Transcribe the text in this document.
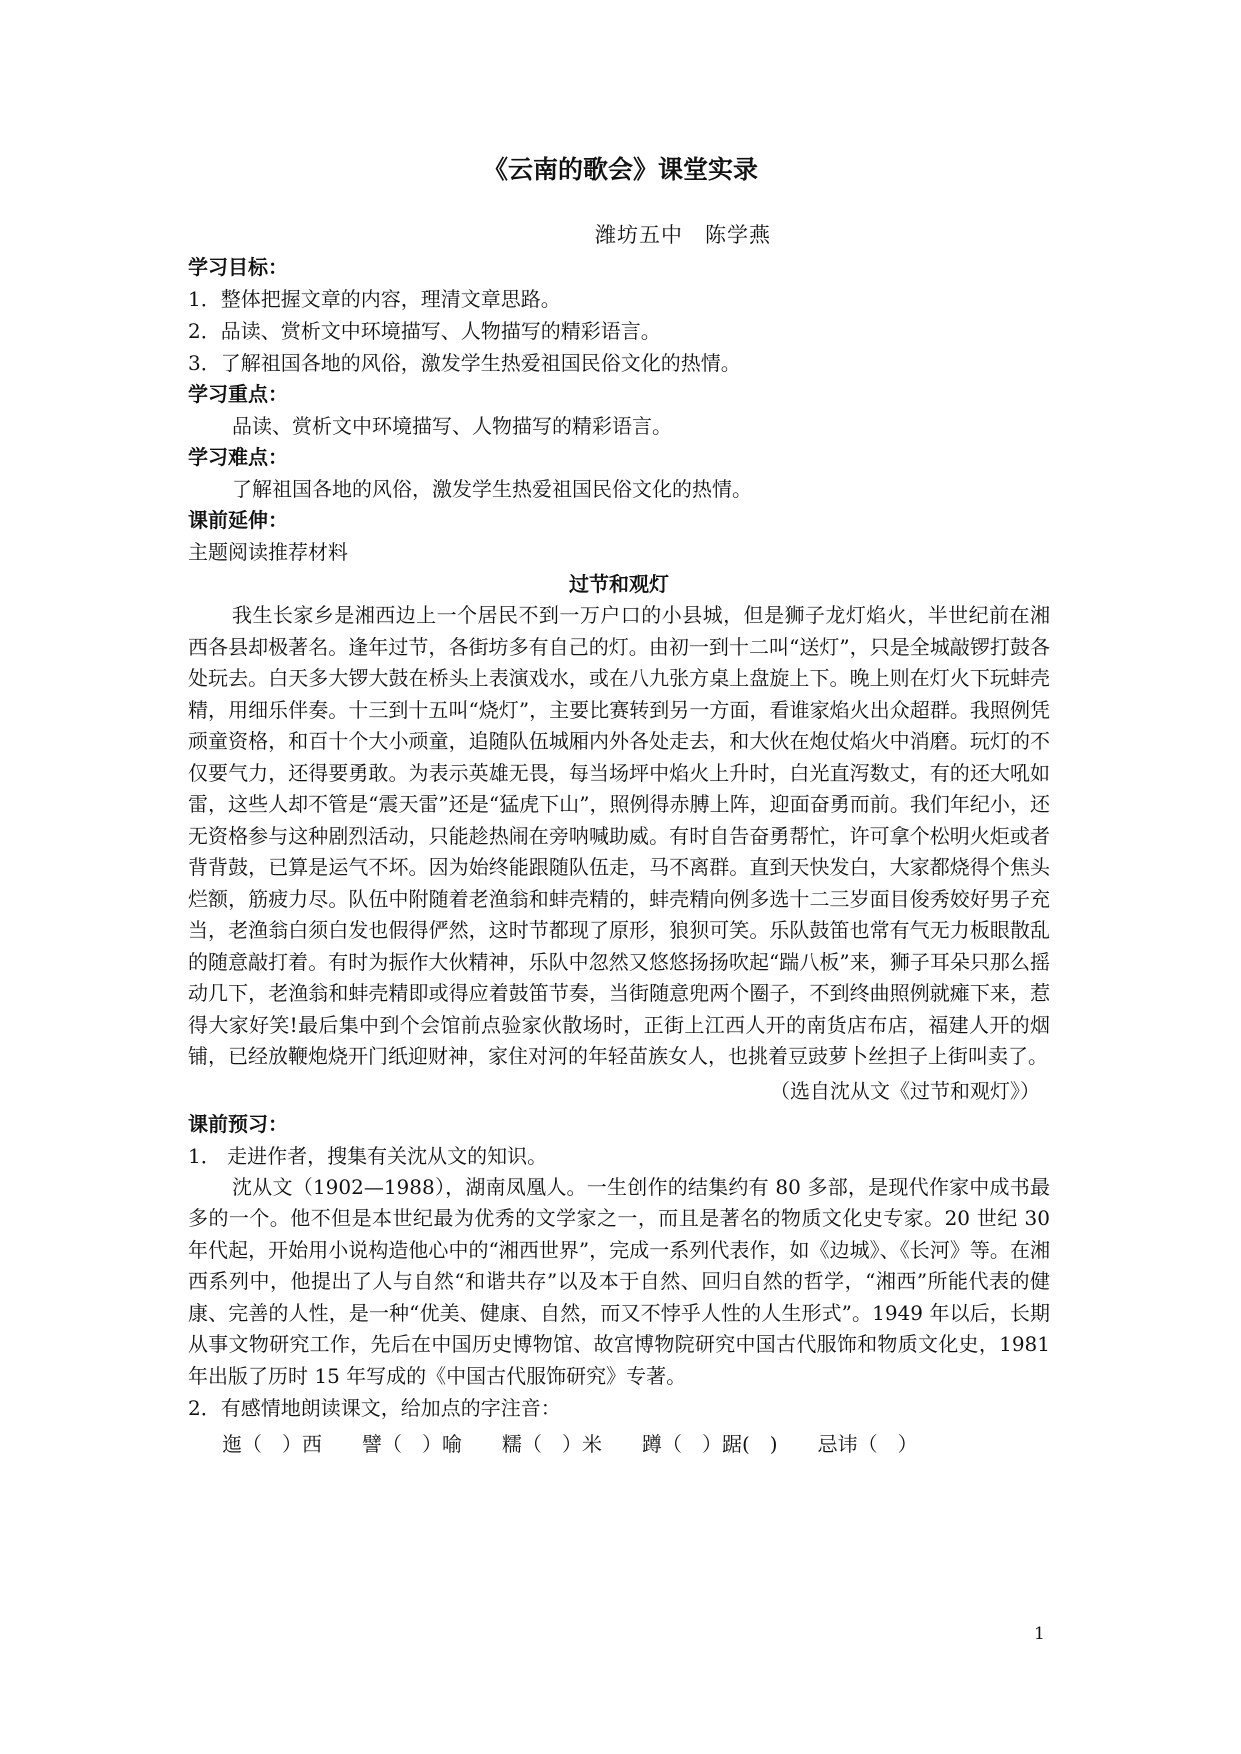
《云南的歌会》课堂实录
潍坊五中　陈学燕
学习目标：
1．整体把握文章的内容，理清文章思路。
2．品读、赏析文中环境描写、人物描写的精彩语言。
3．了解祖国各地的风俗，激发学生热爱祖国民俗文化的热情。
学习重点：
品读、赏析文中环境描写、人物描写的精彩语言。
学习难点：
了解祖国各地的风俗，激发学生热爱祖国民俗文化的热情。
课前延伸：
主题阅读推荐材料
过节和观灯

我生长家乡是湘西边上一个居民不到一万户口的小县城，但是狮子龙灯焰火，半世纪前在湘西各县却极著名。逢年过节，各街坊多有自己的灯。由初一到十二叫“送灯”，只是全城敲锣打鼓各处玩去。白天多大锣大鼓在桥头上表演戏水，或在八九张方桌上盘旋上下。晚上则在灯火下玩蚌壳精，用细乐伴奏。十三到十五叫“烧灯”，主要比赛转到另一方面，看谁家焰火出众超群。我照例凭顽童资格，和百十个大小顽童，追随队伍城厢内外各处走去，和大伙在炮仗焰火中消磨。玩灯的不仅要气力，还得要勇敢。为表示英雄无畏，每当场坪中焰火上升时，白光直泻数丈，有的还大吼如雷，这些人却不管是“震天雷”还是“猛虎下山”，照例得赤膊上阵，迎面奋勇而前。我们年纪小，还无资格参与这种剧烈活动，只能趁热闹在旁呐喊助威。有时自告奋勇帮忙，许可拿个松明火炬或者背背鼓，已算是运气不坏。因为始终能跟随队伍走，马不离群。直到天快发白，大家都烧得个焦头烂额，筋疲力尽。队伍中附随着老渔翁和蚌壳精的，蚌壳精向例多选十二三岁面目俊秀姣好男子充当，老渔翁白须白发也假得俨然，这时节都现了原形，狼狈可笑。乐队鼓笛也常有气无力板眼散乱的随意敲打着。有时为振作大伙精神，乐队中忽然又悠悠扬扬吹起“踹八板”来，狮子耳朵只那么摇动几下，老渔翁和蚌壳精即或得应着鼓笛节奏，当街随意兜两个圈子，不到终曲照例就瘫下来，惹得大家好笑!最后集中到个会馆前点验家伙散场时，正街上江西人开的南货店布店，福建人开的烟铺，已经放鞭炮烧开门纸迎财神，家住对河的年轻苗族女人，也挑着豆豉萝卜丝担子上街叫卖了。

（选自沈从文《过节和观灯》）
课前预习：
1． 走进作者，搜集有关沈从文的知识。

沈从文（1902—1988），湖南凤凰人。一生创作的结集约有 80 多部，是现代作家中成书最多的一个。他不但是本世纪最为优秀的文学家之一，而且是著名的物质文化史专家。20 世纪 30 年代起，开始用小说构造他心中的“湘西世界”，完成一系列代表作，如《边城》、《长河》等。在湘西系列中，他提出了人与自然“和谐共存”以及本于自然、回归自然的哲学，“湘西”所能代表的健康、完善的人性，是一种“优美、健康、自然，而又不悖乎人性的人生形式”。1949 年以后，长期从事文物研究工作，先后在中国历史博物馆、故宫博物院研究中国古代服饰和物质文化史，1981 年出版了历时 15 年写成的《中国古代服饰研究》专著。

2．有感情地朗读课文，给加点的字注音：
迤（　）西　　譬（　）喻　　糯（　）米　　蹲（　）踞(　)　　忌讳（　）
1
